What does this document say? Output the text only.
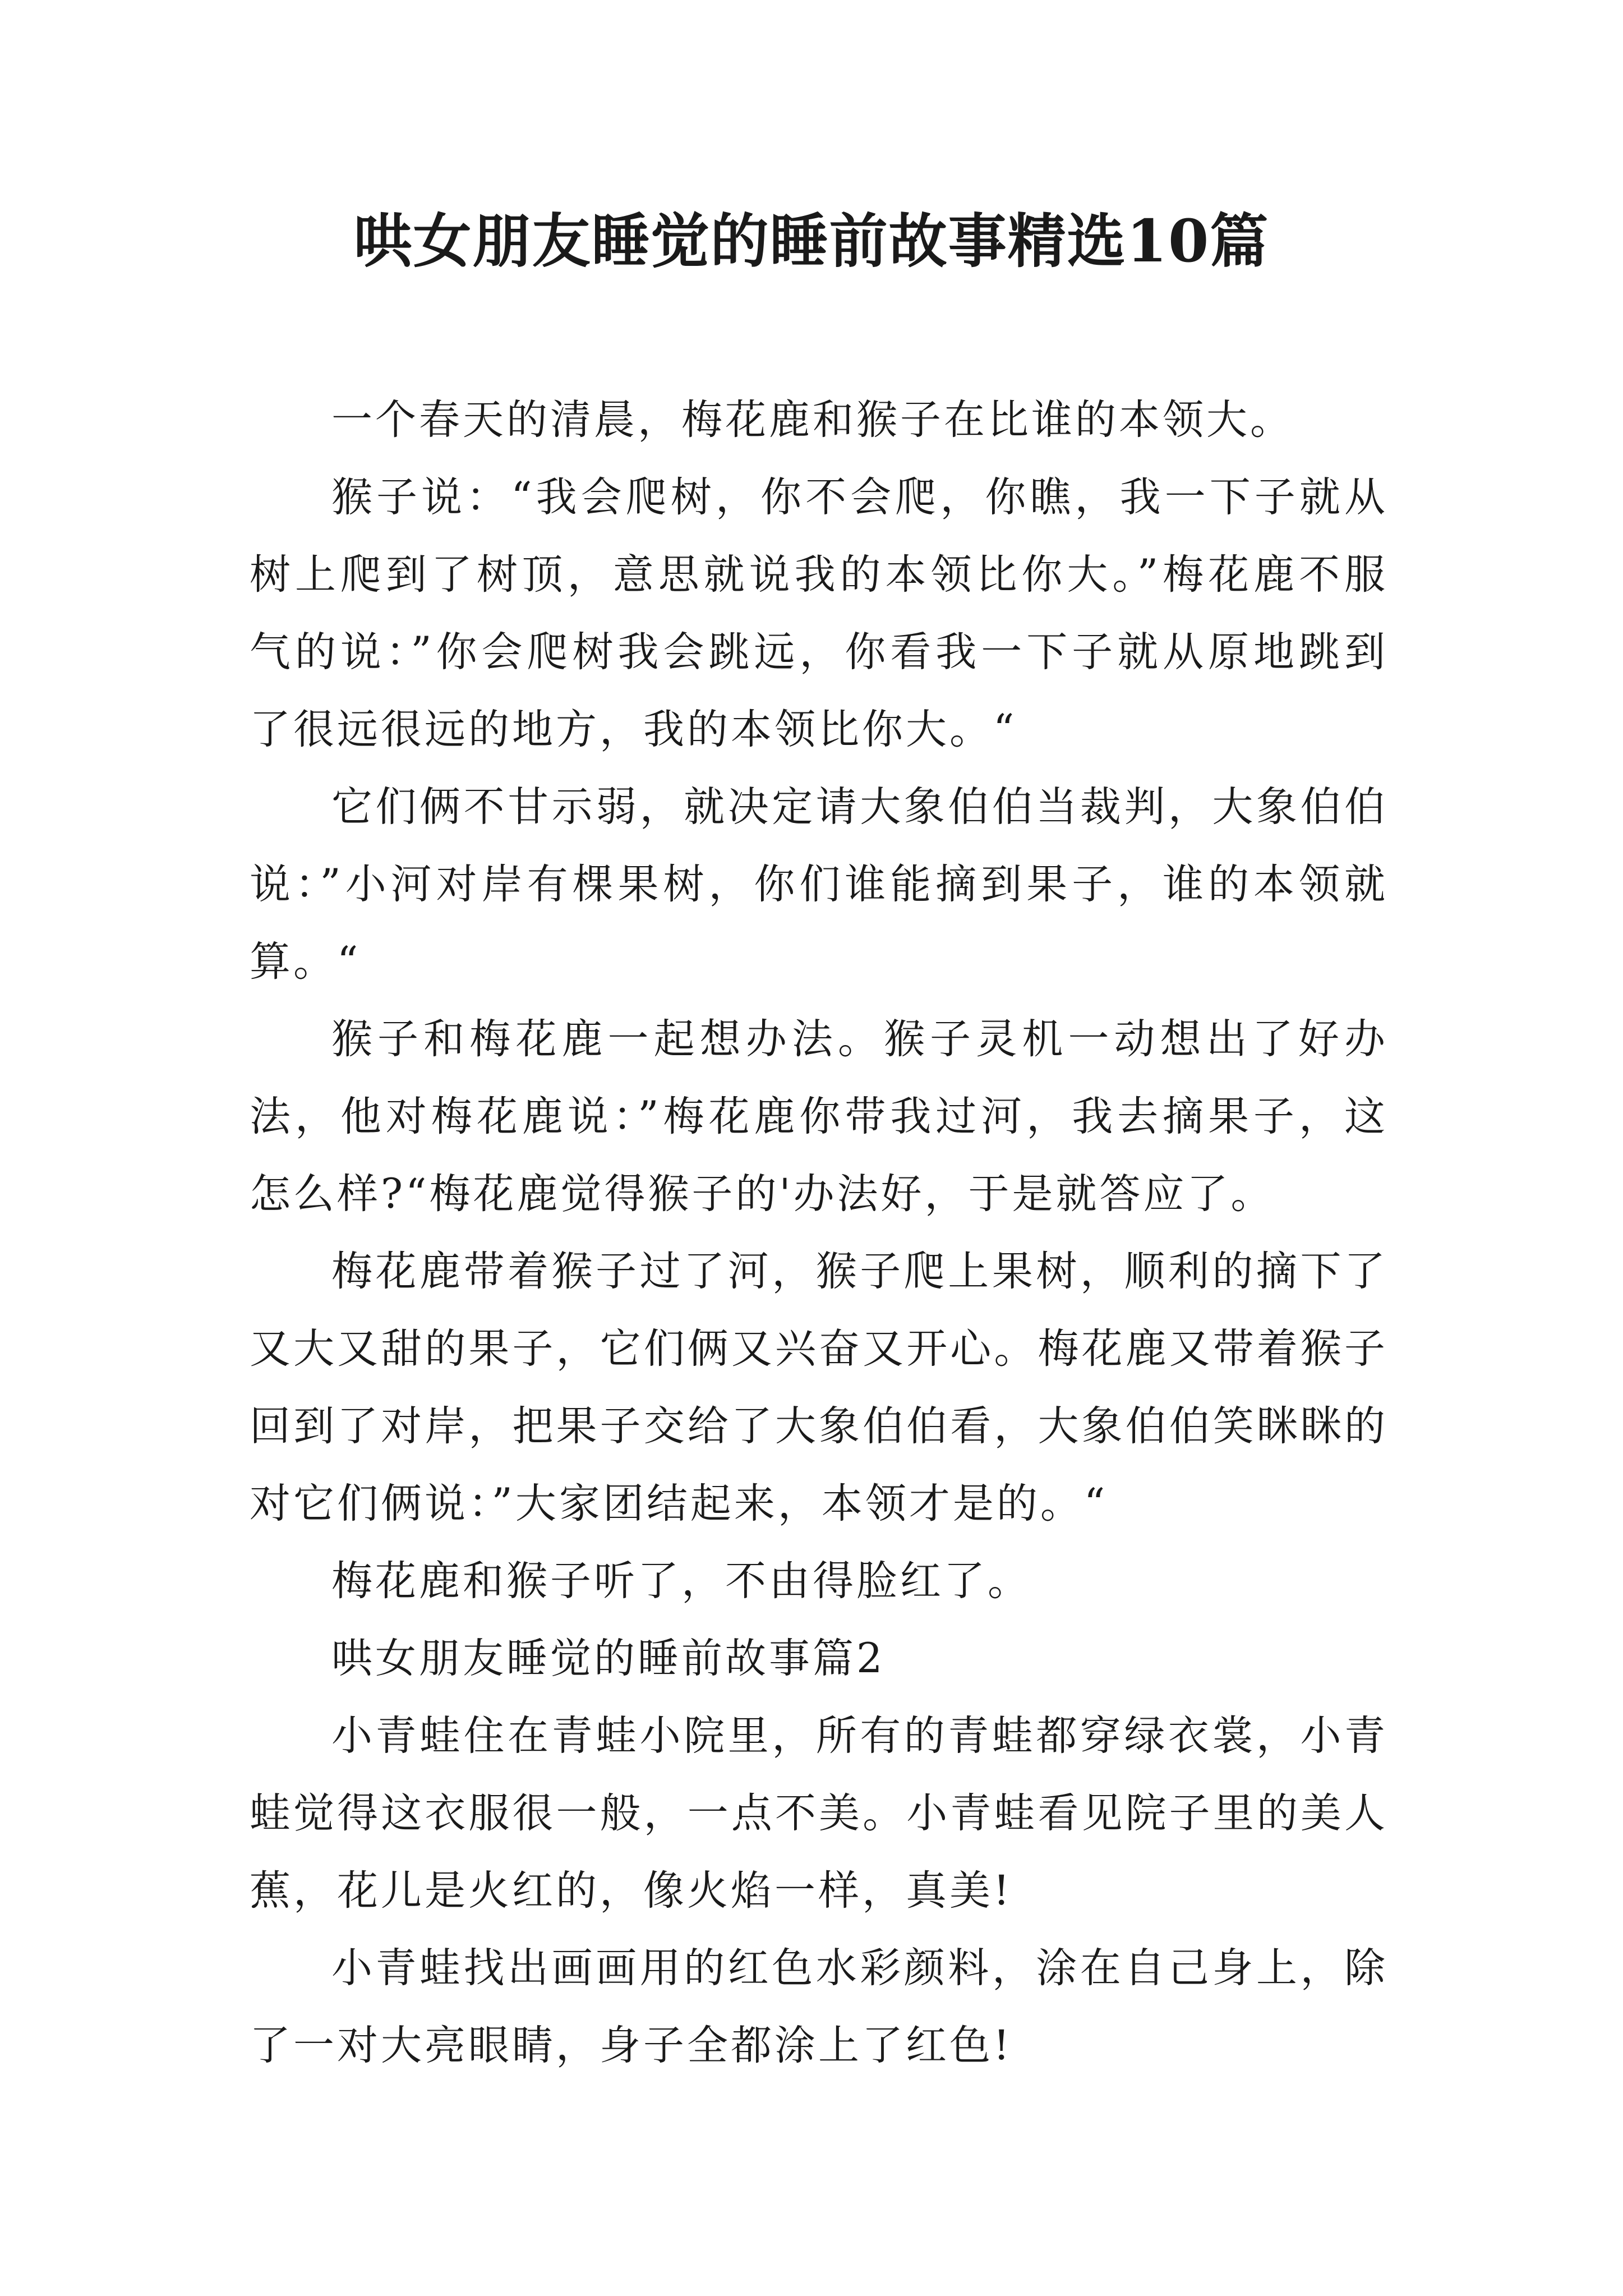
哄女朋友睡觉的睡前故事精选10篇

一个春天的清晨，梅花鹿和猴子在比谁的本领大。

猴子说：“我会爬树，你不会爬，你瞧，我一下子就从树上爬到了树顶，意思就说我的本领比你大。”梅花鹿不服气的说：”你会爬树我会跳远，你看我一下子就从原地跳到了很远很远的地方，我的本领比你大。“

它们俩不甘示弱，就决定请大象伯伯当裁判，大象伯伯说：”小河对岸有棵果树，你们谁能摘到果子，谁的本领就算。“

猴子和梅花鹿一起想办法。猴子灵机一动想出了好办法，他对梅花鹿说：”梅花鹿你带我过河，我去摘果子，这怎么样?“梅花鹿觉得猴子的'办法好，于是就答应了。

梅花鹿带着猴子过了河，猴子爬上果树，顺利的摘下了又大又甜的果子，它们俩又兴奋又开心。梅花鹿又带着猴子回到了对岸，把果子交给了大象伯伯看，大象伯伯笑眯眯的对它们俩说：”大家团结起来，本领才是的。“

梅花鹿和猴子听了，不由得脸红了。

哄女朋友睡觉的睡前故事篇2

小青蛙住在青蛙小院里，所有的青蛙都穿绿衣裳，小青蛙觉得这衣服很一般，一点不美。小青蛙看见院子里的美人蕉，花儿是火红的，像火焰一样，真美!

小青蛙找出画画用的红色水彩颜料，涂在自己身上，除了一对大亮眼睛，身子全都涂上了红色!
